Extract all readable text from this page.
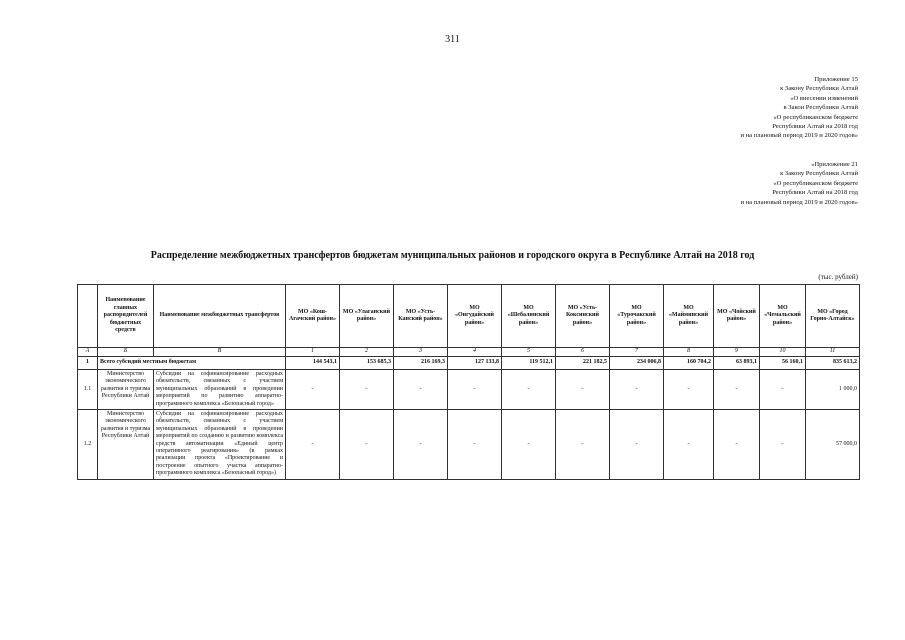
311
Приложение 15
к Закону Республики Алтай
«О внесении изменений
в Закон Республики Алтай
«О республиканском бюджете
Республики Алтай на 2018 год
и на плановый период 2019 и 2020 годов»
«Приложение 21
к Закону Республики Алтай
«О республиканском бюджете
Республики Алтай на 2018 год
и на плановый период 2019 и 2020 годов»
Распределение межбюджетных трансфертов бюджетам муниципальных районов и городского округа в Республике Алтай на 2018 год
(тыс. рублей)
	Наименование главных распорядителей бюджетных средств	Наименование межбюджетных трансфертов	МО «Кош-Агачский район»	МО «Улаганский район»	МО «Усть-Канский район»	МО «Онгудайский район»	МО «Шебалинский район»	МО «Усть-Коксинский район»	МО «Турочакский район»	МО «Майминский район»	МО «Чойский район»	МО «Чемальский район»	МО «Город Горно-Алтайск»
А	Б	В	1	2	3	4	5	6	7	8	9	10	11
1	Всего субсидий местным бюджетам		144 543,1	153 685,3	216 169,3	127 133,8	119 512,1	221 182,5	234 006,8	160 704,2	63 893,1	56 160,1	835 613,2
1.1	Министерство экономического развития и туризма Республики Алтай	Субсидии на софинансирование расходных обязательств, связанных с участием муниципальных образований в проведении мероприятий по развитию аппаратно-программного комплекса «Безопасный город»	-	-	-	-	-	-	-	-	-	-	1 000,0
1.2	Министерство экономического развития и туризма Республики Алтай	Субсидии на софинансирование расходных обязательств, связанных с участием муниципальных образований в проведении мероприятий по созданию и развитию комплекса средств автоматизации «Единый центр оперативного реагирования» (в рамках реализации проекта «Проектирование и построение опытного участка аппаратно-программного комплекса «Безопасный город»)	-	-	-	-	-	-	-	-	-	-	57 000,0
